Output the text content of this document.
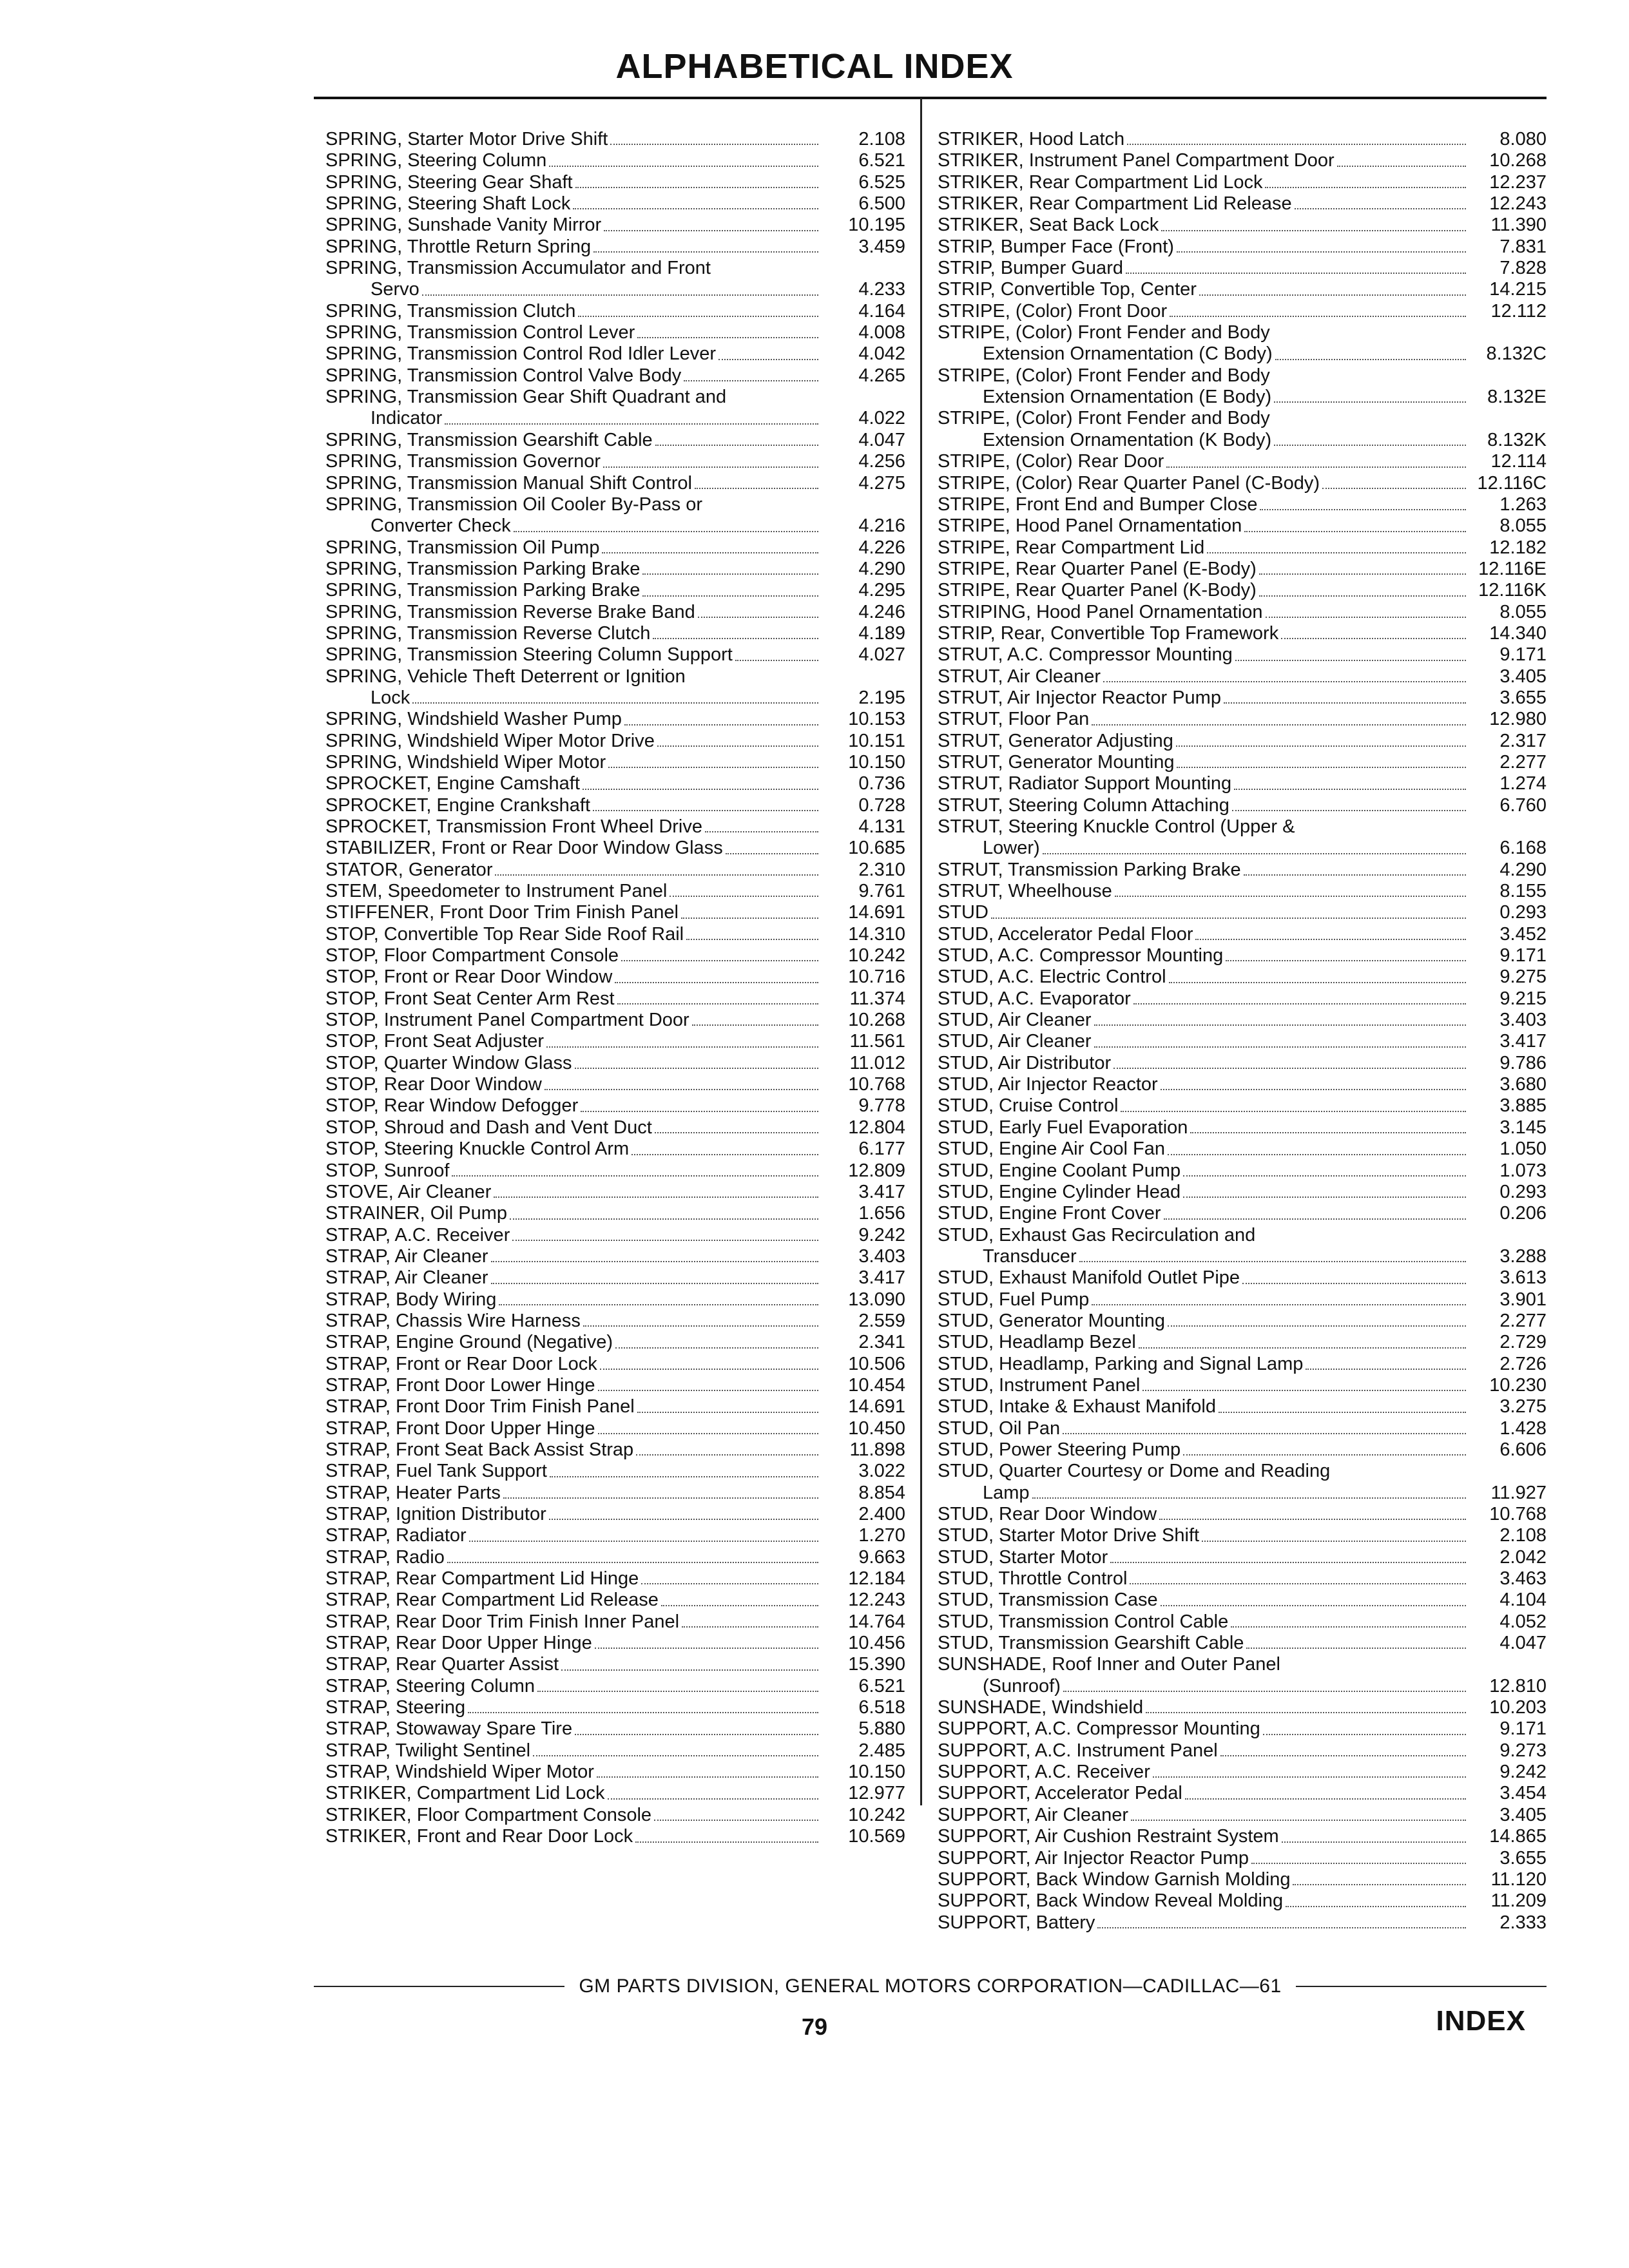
ALPHABETICAL INDEX
SPRING, Starter Motor Drive Shift	2.108
SPRING, Steering Column	6.521
SPRING, Steering Gear Shaft	6.525
SPRING, Steering Shaft Lock	6.500
SPRING, Sunshade Vanity Mirror	10.195
SPRING, Throttle Return Spring	3.459
SPRING, Transmission Accumulator and Front
Servo	4.233
SPRING, Transmission Clutch	4.164
SPRING, Transmission Control Lever	4.008
SPRING, Transmission Control Rod Idler Lever	4.042
SPRING, Transmission Control Valve Body	4.265
SPRING, Transmission Gear Shift Quadrant and
Indicator	4.022
SPRING, Transmission Gearshift Cable	4.047
SPRING, Transmission Governor	4.256
SPRING, Transmission Manual Shift Control	4.275
SPRING, Transmission Oil Cooler By-Pass or
Converter Check	4.216
SPRING, Transmission Oil Pump	4.226
SPRING, Transmission Parking Brake	4.290
SPRING, Transmission Parking Brake	4.295
SPRING, Transmission Reverse Brake Band	4.246
SPRING, Transmission Reverse Clutch	4.189
SPRING, Transmission Steering Column Support	4.027
SPRING, Vehicle Theft Deterrent or Ignition
Lock	2.195
SPRING, Windshield Washer Pump	10.153
SPRING, Windshield Wiper Motor Drive	10.151
SPRING, Windshield Wiper Motor	10.150
SPROCKET, Engine Camshaft	0.736
SPROCKET, Engine Crankshaft	0.728
SPROCKET, Transmission Front Wheel Drive	4.131
STABILIZER, Front or Rear Door Window Glass	10.685
STATOR, Generator	2.310
STEM, Speedometer to Instrument Panel	9.761
STIFFENER, Front Door Trim Finish Panel	14.691
STOP, Convertible Top Rear Side Roof Rail	14.310
STOP, Floor Compartment Console	10.242
STOP, Front or Rear Door Window	10.716
STOP, Front Seat Center Arm Rest	11.374
STOP, Instrument Panel Compartment Door	10.268
STOP, Front Seat Adjuster	11.561
STOP, Quarter Window Glass	11.012
STOP, Rear Door Window	10.768
STOP, Rear Window Defogger	9.778
STOP, Shroud and Dash and Vent Duct	12.804
STOP, Steering Knuckle Control Arm	6.177
STOP, Sunroof	12.809
STOVE, Air Cleaner	3.417
STRAINER, Oil Pump	1.656
STRAP, A.C. Receiver	9.242
STRAP, Air Cleaner	3.403
STRAP, Air Cleaner	3.417
STRAP, Body Wiring	13.090
STRAP, Chassis Wire Harness	2.559
STRAP, Engine Ground (Negative)	2.341
STRAP, Front or Rear Door Lock	10.506
STRAP, Front Door Lower Hinge	10.454
STRAP, Front Door Trim Finish Panel	14.691
STRAP, Front Door Upper Hinge	10.450
STRAP, Front Seat Back Assist Strap	11.898
STRAP, Fuel Tank Support	3.022
STRAP, Heater Parts	8.854
STRAP, Ignition Distributor	2.400
STRAP, Radiator	1.270
STRAP, Radio	9.663
STRAP, Rear Compartment Lid Hinge	12.184
STRAP, Rear Compartment Lid Release	12.243
STRAP, Rear Door Trim Finish Inner Panel	14.764
STRAP, Rear Door Upper Hinge	10.456
STRAP, Rear Quarter Assist	15.390
STRAP, Steering Column	6.521
STRAP, Steering	6.518
STRAP, Stowaway Spare Tire	5.880
STRAP, Twilight Sentinel	2.485
STRAP, Windshield Wiper Motor	10.150
STRIKER, Compartment Lid Lock	12.977
STRIKER, Floor Compartment Console	10.242
STRIKER, Front and Rear Door Lock	10.569
STRIKER, Hood Latch	8.080
STRIKER, Instrument Panel Compartment Door	10.268
STRIKER, Rear Compartment Lid Lock	12.237
STRIKER, Rear Compartment Lid Release	12.243
STRIKER, Seat Back Lock	11.390
STRIP, Bumper Face (Front)	7.831
STRIP, Bumper Guard	7.828
STRIP, Convertible Top, Center	14.215
STRIPE, (Color) Front Door	12.112
STRIPE, (Color) Front Fender and Body
Extension Ornamentation (C Body)	8.132C
STRIPE, (Color) Front Fender and Body
Extension Ornamentation (E Body)	8.132E
STRIPE, (Color) Front Fender and Body
Extension Ornamentation (K Body)	8.132K
STRIPE, (Color) Rear Door	12.114
STRIPE, (Color) Rear Quarter Panel (C-Body)	12.116C
STRIPE, Front End and Bumper Close	1.263
STRIPE, Hood Panel Ornamentation	8.055
STRIPE, Rear Compartment Lid	12.182
STRIPE, Rear Quarter Panel (E-Body)	12.116E
STRIPE, Rear Quarter Panel (K-Body)	12.116K
STRIPING, Hood Panel Ornamentation	8.055
STRIP, Rear, Convertible Top Framework	14.340
STRUT, A.C. Compressor Mounting	9.171
STRUT, Air Cleaner	3.405
STRUT, Air Injector Reactor Pump	3.655
STRUT, Floor Pan	12.980
STRUT, Generator Adjusting	2.317
STRUT, Generator Mounting	2.277
STRUT, Radiator Support Mounting	1.274
STRUT, Steering Column Attaching	6.760
STRUT, Steering Knuckle Control (Upper &
Lower)	6.168
STRUT, Transmission Parking Brake	4.290
STRUT, Wheelhouse	8.155
STUD	0.293
STUD, Accelerator Pedal Floor	3.452
STUD, A.C. Compressor Mounting	9.171
STUD, A.C. Electric Control	9.275
STUD, A.C. Evaporator	9.215
STUD, Air Cleaner	3.403
STUD, Air Cleaner	3.417
STUD, Air Distributor	9.786
STUD, Air Injector Reactor	3.680
STUD, Cruise Control	3.885
STUD, Early Fuel Evaporation	3.145
STUD, Engine Air Cool Fan	1.050
STUD, Engine Coolant Pump	1.073
STUD, Engine Cylinder Head	0.293
STUD, Engine Front Cover	0.206
STUD, Exhaust Gas Recirculation and
Transducer	3.288
STUD, Exhaust Manifold Outlet Pipe	3.613
STUD, Fuel Pump	3.901
STUD, Generator Mounting	2.277
STUD, Headlamp Bezel	2.729
STUD, Headlamp, Parking and Signal Lamp	2.726
STUD, Instrument Panel	10.230
STUD, Intake & Exhaust Manifold	3.275
STUD, Oil Pan	1.428
STUD, Power Steering Pump	6.606
STUD, Quarter Courtesy or Dome and Reading
Lamp	11.927
STUD, Rear Door Window	10.768
STUD, Starter Motor Drive Shift	2.108
STUD, Starter Motor	2.042
STUD, Throttle Control	3.463
STUD, Transmission Case	4.104
STUD, Transmission Control Cable	4.052
STUD, Transmission Gearshift Cable	4.047
SUNSHADE, Roof Inner and Outer Panel
(Sunroof)	12.810
SUNSHADE, Windshield	10.203
SUPPORT, A.C. Compressor Mounting	9.171
SUPPORT, A.C. Instrument Panel	9.273
SUPPORT, A.C. Receiver	9.242
SUPPORT, Accelerator Pedal	3.454
SUPPORT, Air Cleaner	3.405
SUPPORT, Air Cushion Restraint System	14.865
SUPPORT, Air Injector Reactor Pump	3.655
SUPPORT, Back Window Garnish Molding	11.120
SUPPORT, Back Window Reveal Molding	11.209
SUPPORT, Battery	2.333
GM PARTS DIVISION, GENERAL MOTORS CORPORATION—CADILLAC—61
79	INDEX
